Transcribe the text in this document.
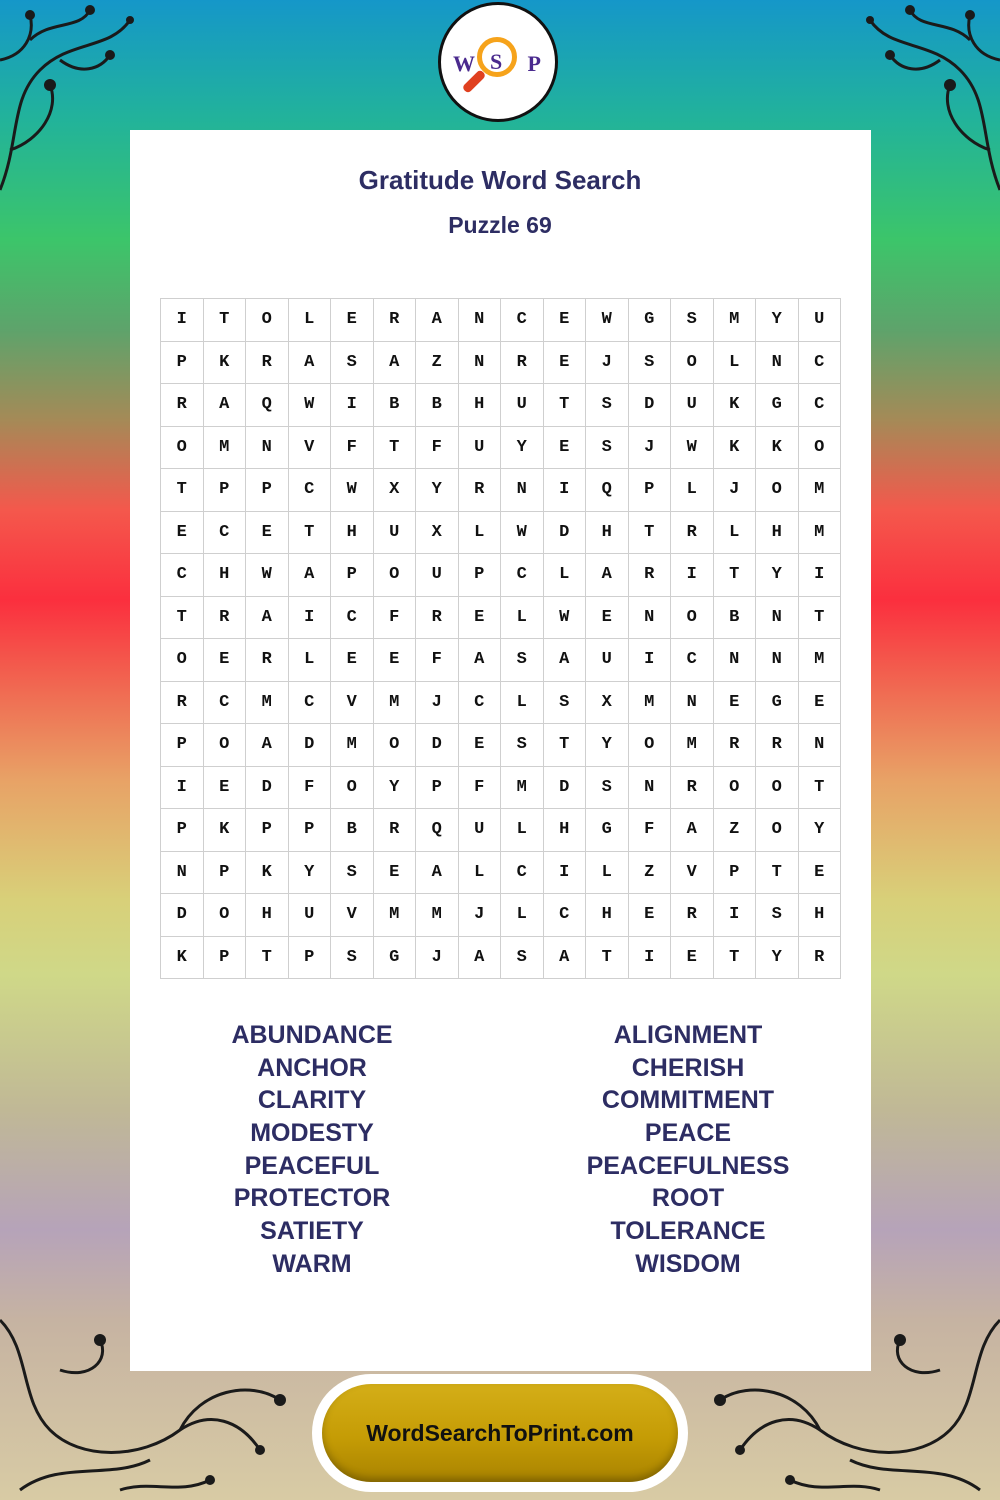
W S P
Gratitude Word Search
Puzzle 69
I	T	O	L	E	R	A	N	C	E	W	G	S	M	Y	U
P	K	R	A	S	A	Z	N	R	E	J	S	O	L	N	C
R	A	Q	W	I	B	B	H	U	T	S	D	U	K	G	C
O	M	N	V	F	T	F	U	Y	E	S	J	W	K	K	O
T	P	P	C	W	X	Y	R	N	I	Q	P	L	J	O	M
E	C	E	T	H	U	X	L	W	D	H	T	R	L	H	M
C	H	W	A	P	O	U	P	C	L	A	R	I	T	Y	I
T	R	A	I	C	F	R	E	L	W	E	N	O	B	N	T
O	E	R	L	E	E	F	A	S	A	U	I	C	N	N	M
R	C	M	C	V	M	J	C	L	S	X	M	N	E	G	E
P	O	A	D	M	O	D	E	S	T	Y	O	M	R	R	N
I	E	D	F	O	Y	P	F	M	D	S	N	R	O	O	T
P	K	P	P	B	R	Q	U	L	H	G	F	A	Z	O	Y
N	P	K	Y	S	E	A	L	C	I	L	Z	V	P	T	E
D	O	H	U	V	M	M	J	L	C	H	E	R	I	S	H
K	P	T	P	S	G	J	A	S	A	T	I	E	T	Y	R
ABUNDANCE
ANCHOR
CLARITY
MODESTY
PEACEFUL
PROTECTOR
SATIETY
WARM
ALIGNMENT
CHERISH
COMMITMENT
PEACE
PEACEFULNESS
ROOT
TOLERANCE
WISDOM
WordSearchToPrint.com
